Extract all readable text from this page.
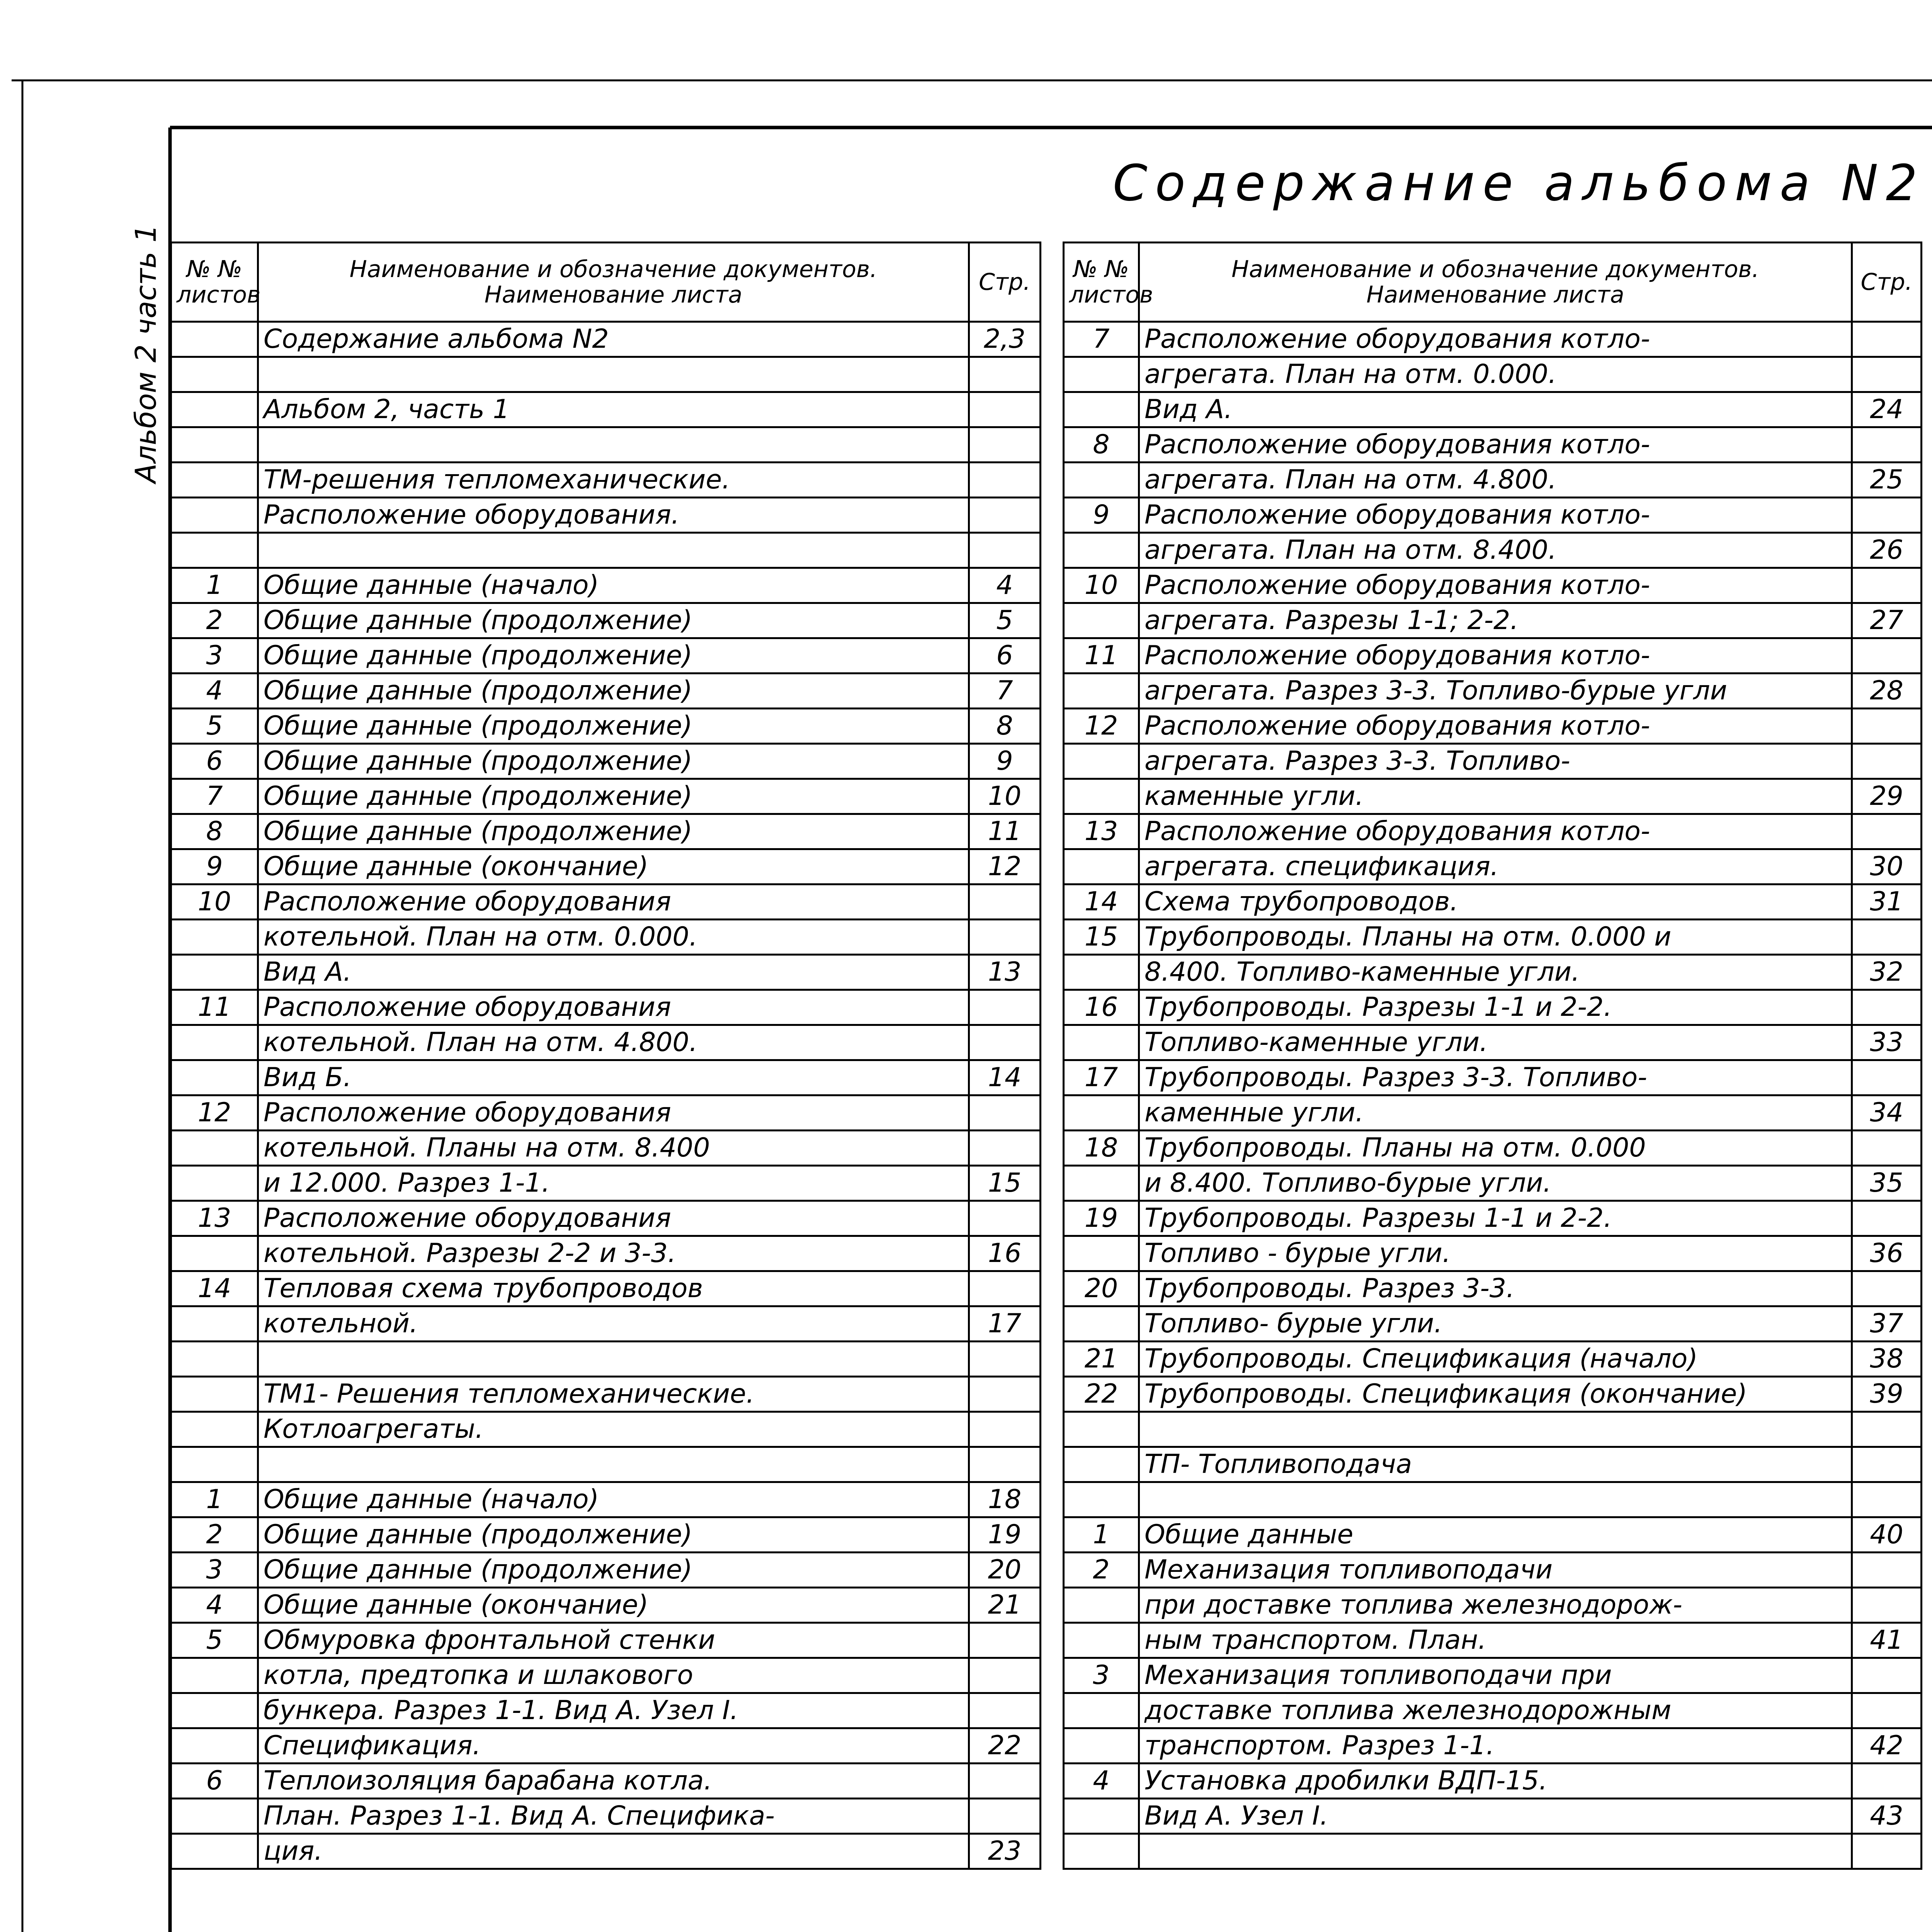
Содержание альбома N2
Альбом 2 часть 1 № № листов	Наименование и обозначение документов. Наименование листа	Стр.
	Содержание альбома N2	2,3

	Альбом 2, часть 1	

	ТМ-решения тепломеханические.	
	Расположение оборудования.	

1	Общие данные (начало)	4
2	Общие данные (продолжение)	5
3	Общие данные (продолжение)	6
4	Общие данные (продолжение)	7
5	Общие данные (продолжение)	8
6	Общие данные (продолжение)	9
7	Общие данные (продолжение)	10
8	Общие данные (продолжение)	11
9	Общие данные (окончание)	12
10	Расположение оборудования	
	котельной. План на отм. 0.000.	
	Вид А.	13
11	Расположение оборудования	
	котельной. План на отм. 4.800.	
	Вид Б.	14
12	Расположение оборудования	
	котельной. Планы на отм. 8.400	
	и 12.000. Разрез 1-1.	15
13	Расположение оборудования	
	котельной. Разрезы 2-2 и 3-3.	16
14	Тепловая схема трубопроводов	
	котельной.	17

	ТМ1- Решения тепломеханические.	
	Котлоагрегаты.	

1	Общие данные (начало)	18
2	Общие данные (продолжение)	19
3	Общие данные (продолжение)	20
4	Общие данные (окончание)	21
5	Обмуровка фронтальной стенки	
	котла, предтопка и шлакового	
	бункера. Разрез 1-1. Вид А. Узел I.	
	Спецификация.	22
6	Теплоизоляция барабана котла.	
	План. Разрез 1-1. Вид А. Специфика-	
	ция.	23
№ № листов	Наименование и обозначение документов. Наименование листа	Стр.
7	Расположение оборудования котло-	
	агрегата. План на отм. 0.000.	
	Вид А.	24
8	Расположение оборудования котло-	
	агрегата. План на отм. 4.800.	25
9	Расположение оборудования котло-	
	агрегата. План на отм. 8.400.	26
10	Расположение оборудования котло-	
	агрегата. Разрезы 1-1; 2-2.	27
11	Расположение оборудования котло-	
	агрегата. Разрез 3-3. Топливо-бурые угли	28
12	Расположение оборудования котло-	
	агрегата. Разрез 3-3. Топливо-	
	каменные угли.	29
13	Расположение оборудования котло-	
	агрегата. спецификация.	30
14	Схема трубопроводов.	31
15	Трубопроводы. Планы на отм. 0.000 и	
	8.400. Топливо-каменные угли.	32
16	Трубопроводы. Разрезы 1-1 и 2-2.	
	Топливо-каменные угли.	33
17	Трубопроводы. Разрез 3-3. Топливо-	
	каменные угли.	34
18	Трубопроводы. Планы на отм. 0.000	
	и 8.400. Топливо-бурые угли.	35
19	Трубопроводы. Разрезы 1-1 и 2-2.	
	Топливо - бурые угли.	36
20	Трубопроводы. Разрез 3-3.	
	Топливо- бурые угли.	37
21	Трубопроводы. Спецификация (начало)	38
22	Трубопроводы. Спецификация (окончание)	39

	ТП- Топливоподача	

1	Общие данные	40
2	Механизация топливоподачи	
	при доставке топлива железнодорож-	
	ным транспортом. План.	41
3	Механизация топливоподачи при	
	доставке топлива железнодорожным	
	транспортом. Разрез 1-1.	42
4	Установка дробилки ВДП-15.	
	Вид А. Узел I.	43
